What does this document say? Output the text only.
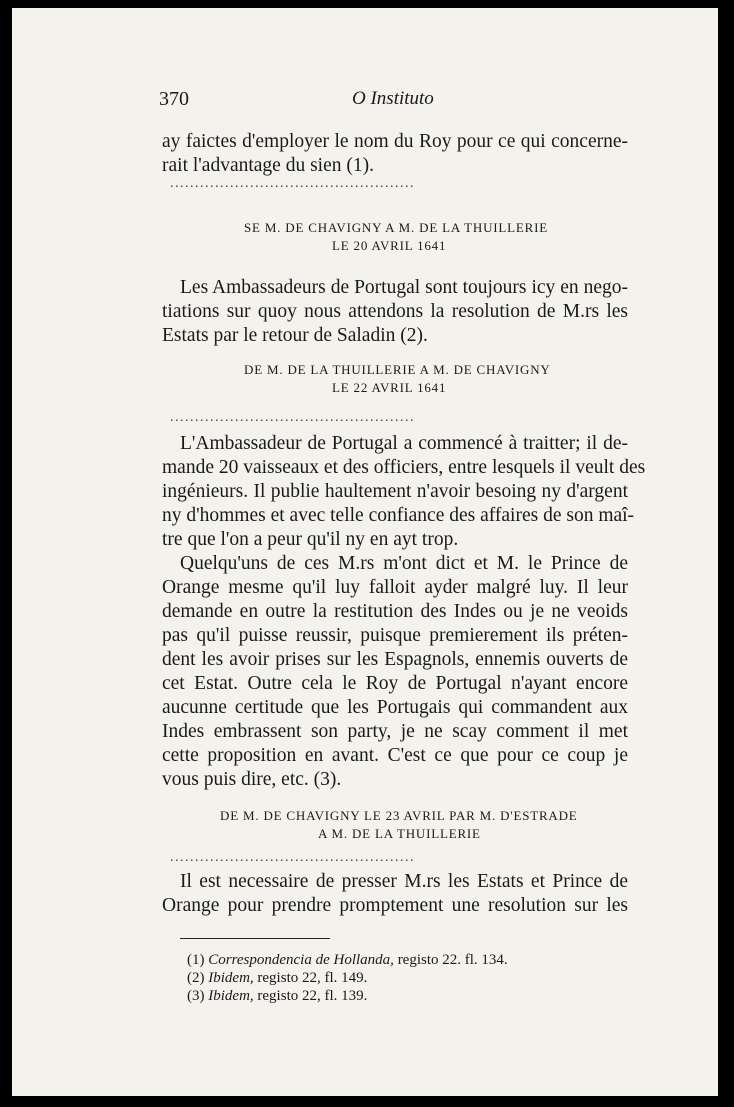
370	O Instituto
ay faictes d'employer le nom du Roy pour ce qui concerne-
rait l'advantage du sien (1).
.................................................
SE M. DE CHAVIGNY A M. DE LA THUILLERIE
LE 20 AVRIL 1641
Les Ambassadeurs de Portugal sont toujours icy en nego-
tiations sur quoy nous attendons la resolution de M.rs les
Estats par le retour de Saladin (2).
DE M. DE LA THUILLERIE A M. DE CHAVIGNY
LE 22 AVRIL 1641
.................................................
L'Ambassadeur de Portugal a commencé à traitter; il de-
mande 20 vaisseaux et des officiers, entre lesquels il veult des
ingénieurs. Il publie haultement n'avoir besoing ny d'argent
ny d'hommes et avec telle confiance des affaires de son maî-
tre que l'on a peur qu'il ny en ayt trop.
Quelqu'uns de ces M.rs m'ont dict et M. le Prince de
Orange mesme qu'il luy falloit ayder malgré luy. Il leur
demande en outre la restitution des Indes ou je ne veoids
pas qu'il puisse reussir, puisque premierement ils préten-
dent les avoir prises sur les Espagnols, ennemis ouverts de
cet Estat. Outre cela le Roy de Portugal n'ayant encore
aucunne certitude que les Portugais qui commandent aux
Indes embrassent son party, je ne scay comment il met
cette proposition en avant. C'est ce que pour ce coup je
vous puis dire, etc. (3).
DE M. DE CHAVIGNY LE 23 AVRIL PAR M. D'ESTRADE
A M. DE LA THUILLERIE
.................................................
Il est necessaire de presser M.rs les Estats et Prince de
Orange pour prendre promptement une resolution sur les
(1) Correspondencia de Hollanda, registo 22. fl. 134.
(2) Ibidem, registo 22, fl. 149.
(3) Ibidem, registo 22, fl. 139.
